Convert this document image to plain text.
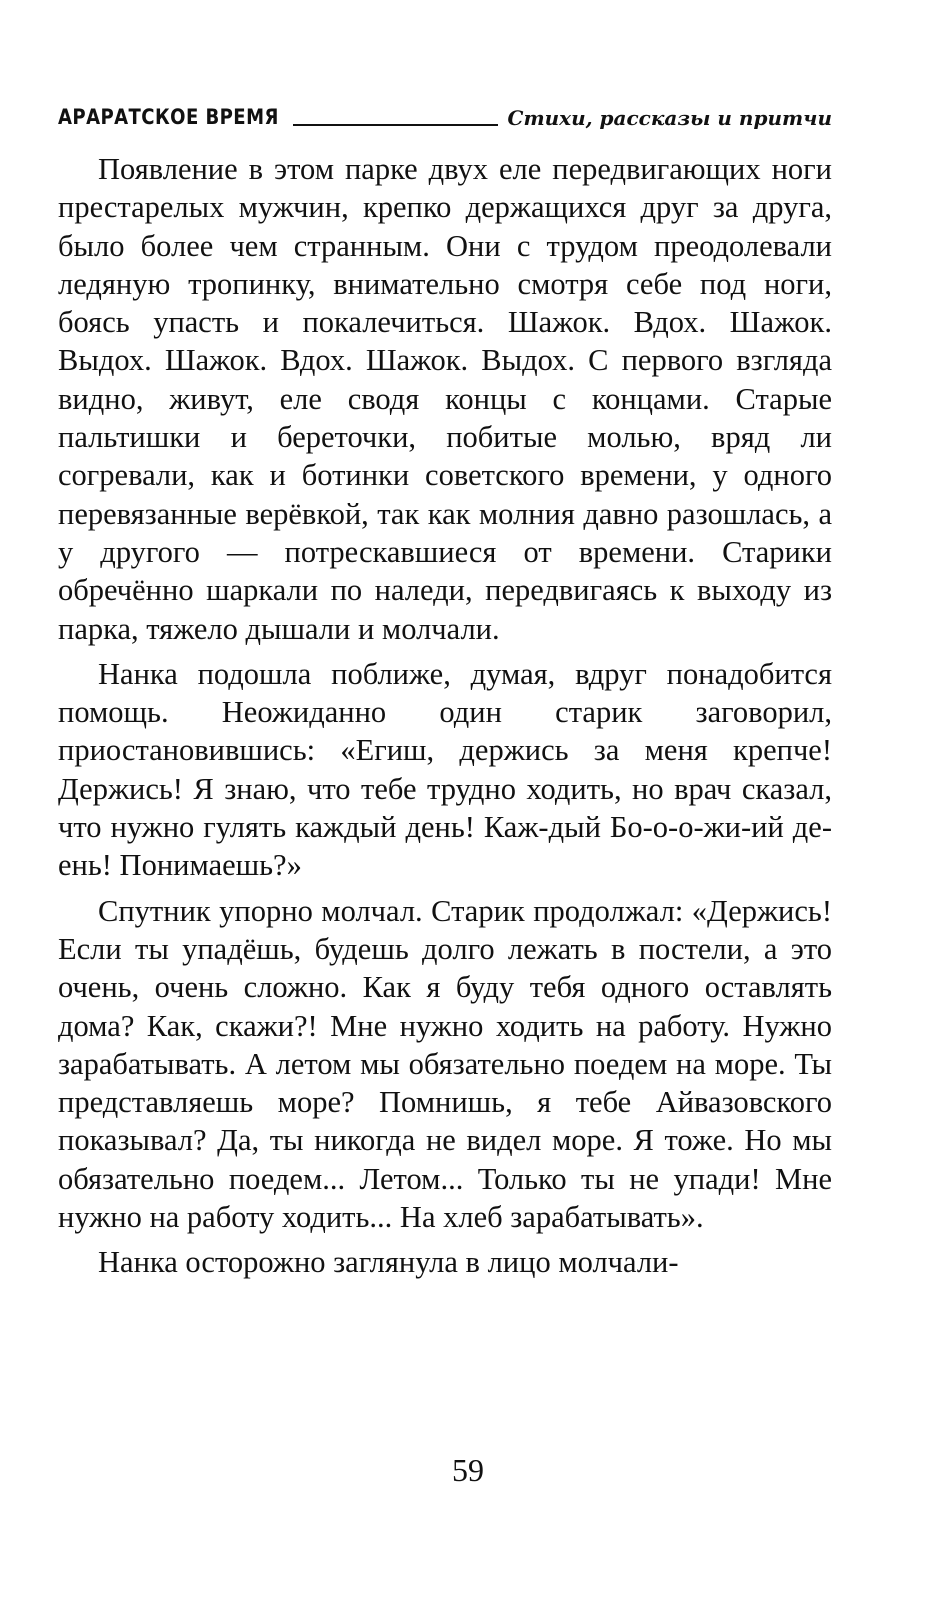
АРАРАТСКОЕ ВРЕМЯ	Стихи, рассказы и притчи

Появление в этом парке двух еле передвигающих ноги престарелых мужчин, крепко держащихся друг за друга, было более чем странным. Они с трудом преодолевали ледяную тропинку, внимательно смотря себе под ноги, боясь упасть и покалечиться. Шажок. Вдох. Шажок. Выдох. Шажок. Вдох. Шажок. Выдох. С первого взгляда видно, живут, еле сводя концы с концами. Старые пальтишки и береточки, побитые молью, вряд ли согревали, как и ботинки советского времени, у одного перевязанные верёвкой, так как молния давно разошлась, а у другого — потрескавшиеся от времени. Старики обречённо шаркали по наледи, передвигаясь к выходу из парка, тяжело дышали и молчали.

Нанка подошла поближе, думая, вдруг понадобится помощь. Неожиданно один старик заговорил, приостановившись: «Егиш, держись за меня крепче! Держись! Я знаю, что тебе трудно ходить, но врач сказал, что нужно гулять каждый день! Каж-дый Бо-о-о-жи-ий де-ень! Понимаешь?»

Спутник упорно молчал. Старик продолжал: «Держись! Если ты упадёшь, будешь долго лежать в постели, а это очень, очень сложно. Как я буду тебя одного оставлять дома? Как, скажи?! Мне нужно ходить на работу. Нужно зарабатывать. А летом мы обязательно поедем на море. Ты представляешь море? Помнишь, я тебе Айвазовского показывал? Да, ты никогда не видел море. Я тоже. Но мы обязательно поедем... Летом... Только ты не упади! Мне нужно на работу ходить... На хлеб зарабатывать».

Нанка осторожно заглянула в лицо молчали-

59
